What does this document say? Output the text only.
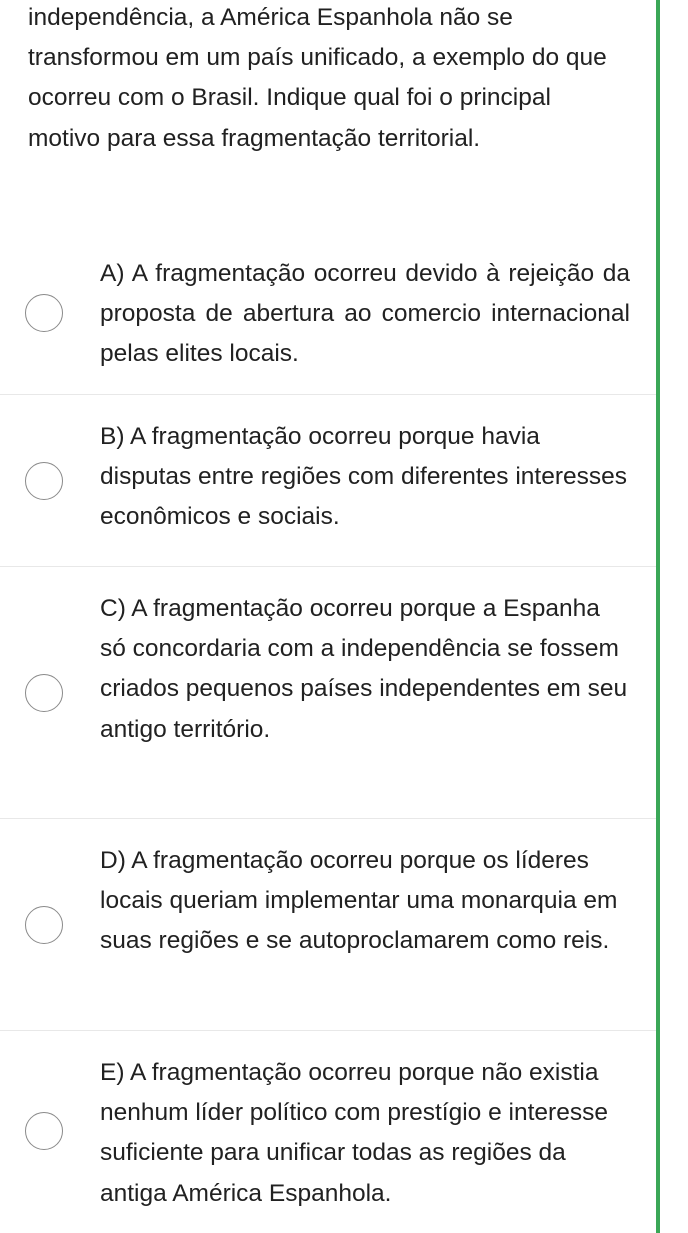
independência, a América Espanhola não se transformou em um país unificado, a exemplo do que ocorreu com o Brasil. Indique qual foi o principal motivo para essa fragmentação territorial.

A) A fragmentação ocorreu devido à rejeição da proposta de abertura ao comercio internacional pelas elites locais.
B) A fragmentação ocorreu porque havia disputas entre regiões com diferentes interesses econômicos e sociais.
C) A fragmentação ocorreu porque a Espanha só concordaria com a independência se fossem criados pequenos países independentes em seu antigo território.
D) A fragmentação ocorreu porque os líderes locais queriam implementar uma monarquia em suas regiões e se autoproclamarem como reis.
E) A fragmentação ocorreu porque não existia nenhum líder político com prestígio e interesse suficiente para unificar todas as regiões da antiga América Espanhola.
